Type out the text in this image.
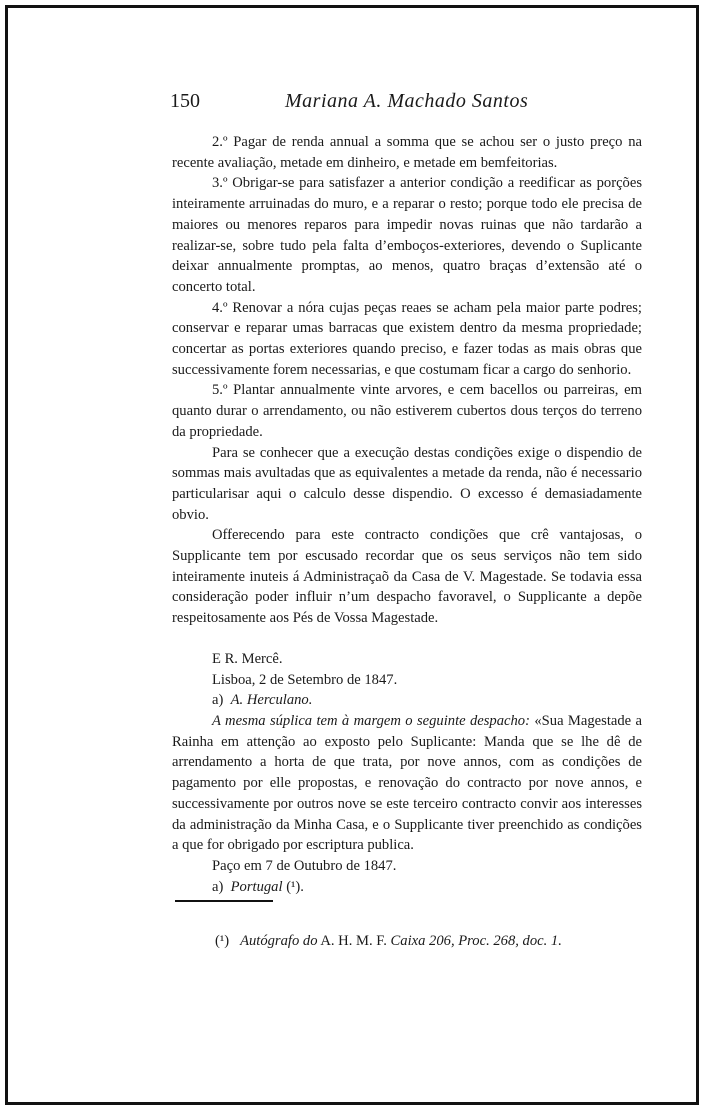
150	Mariana A. Machado Santos

2.º Pagar de renda annual a somma que se achou ser o justo preço na recente avaliação, metade em dinheiro, e metade em bemfeitorias.

3.º Obrigar-se para satisfazer a anterior condição a reedificar as porções inteiramente arruinadas do muro, e a reparar o resto; porque todo ele precisa de maiores ou menores reparos para impedir novas ruinas que não tardarão a realizar-se, sobre tudo pela falta d’emboços-exteriores, devendo o Suplicante deixar annualmente promptas, ao menos, quatro braças d’extensão até o concerto total.

4.º Renovar a nóra cujas peças reaes se acham pela maior parte podres; conservar e reparar umas barracas que existem dentro da mesma propriedade; concertar as portas exteriores quando preciso, e fazer todas as mais obras que successivamente forem necessarias, e que costumam ficar a cargo do senhorio.

5.º Plantar annualmente vinte arvores, e cem bacellos ou parreiras, em quanto durar o arrendamento, ou não estiverem cubertos dous terços do terreno da propriedade.

Para se conhecer que a execução destas condições exige o dispendio de sommas mais avultadas que as equivalentes a metade da renda, não é necessario particularisar aqui o calculo desse dispendio. O excesso é demasiadamente obvio.

Offerecendo para este contracto condições que crê vantajosas, o Supplicante tem por escusado recordar que os seus serviços não tem sido inteiramente inuteis á Administraçaõ da Casa de V. Magestade. Se todavia essa consideração poder influir n’um despacho favoravel, o Supplicante a depõe respeitosamente aos Pés de Vossa Magestade.

E R. Mercê.

Lisboa, 2 de Setembro de 1847.

a) A. Herculano.

A mesma súplica tem à margem o seguinte despacho: «Sua Magestade a Rainha em attenção ao exposto pelo Suplicante: Manda que se lhe dê de arrendamento a horta de que trata, por nove annos, com as condições de pagamento por elle propostas, e renovação do contracto por nove annos, e successivamente por outros nove se este terceiro contracto convir aos interesses da administração da Minha Casa, e o Supplicante tiver preenchido as condições a que for obrigado por escriptura publica.

Paço em 7 de Outubro de 1847.

a) Portugal (¹).

(¹) Autógrafo do A. H. M. F. Caixa 206, Proc. 268, doc. 1.
